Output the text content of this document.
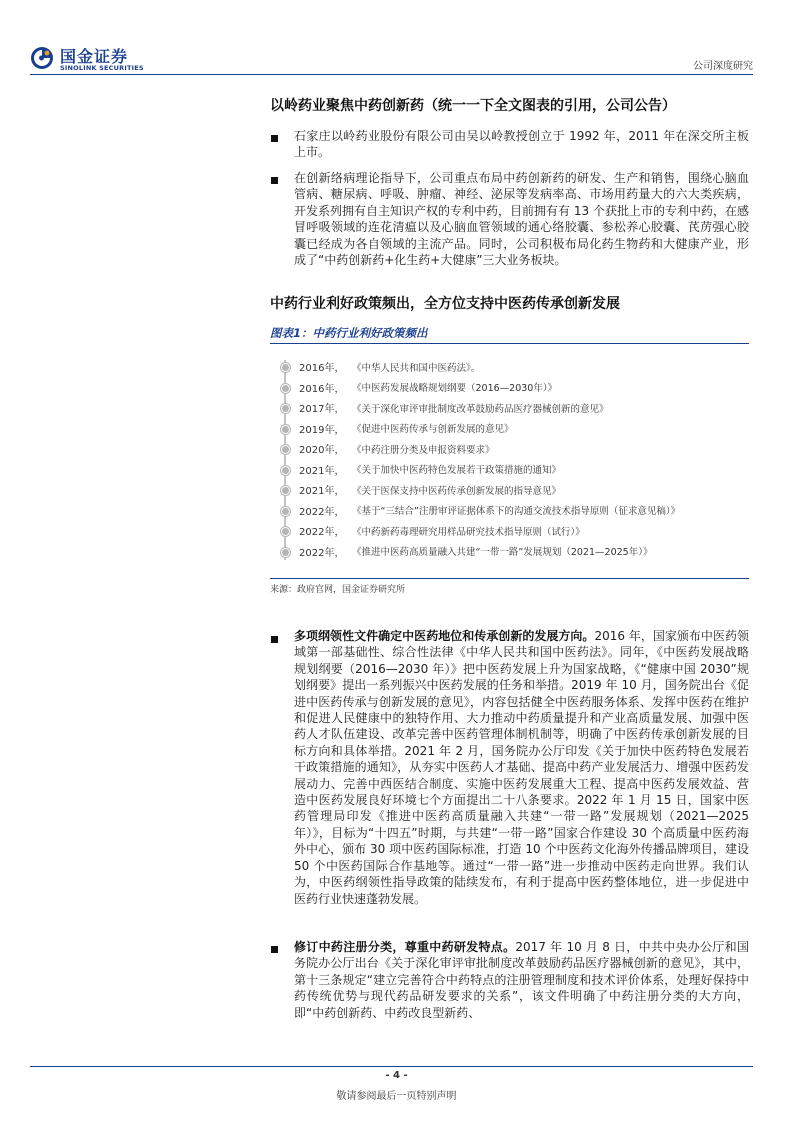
国金证券
SINOLINK SECURITIES	公司深度研究
以岭药业聚焦中药创新药（统一一下全文图表的引用，公司公告）
石家庄以岭药业股份有限公司由吴以岭教授创立于 1992 年，2011 年在深交所主板上市。
在创新络病理论指导下，公司重点布局中药创新药的研发、生产和销售，围绕心脑血管病、糖尿病、呼吸、肿瘤、神经、泌尿等发病率高、市场用药量大的六大类疾病，开发系列拥有自主知识产权的专利中药，目前拥有有 13 个获批上市的专利中药，在感冒呼吸领域的连花清瘟以及心脑血管领域的通心络胶囊、参松养心胶囊、芪苈强心胶囊已经成为各自领域的主流产品。同时，公司积极布局化药生物药和大健康产业，形成了“中药创新药+化生药+大健康”三大业务板块。
中药行业利好政策频出，全方位支持中医药传承创新发展
图表1：中药行业利好政策频出
2016年， 《中华人民共和国中医药法》。
2016年， 《中医药发展战略规划纲要（2016—2030年）》
2017年， 《关于深化审评审批制度改革鼓励药品医疗器械创新的意见》
2019年， 《促进中医药传承与创新发展的意见》
2020年， 《中药注册分类及申报资料要求》
2021年， 《关于加快中医药特色发展若干政策措施的通知》
2021年， 《关于医保支持中医药传承创新发展的指导意见》
2022年， 《基于“三结合”注册审评证据体系下的沟通交流技术指导原则（征求意见稿）》
2022年， 《中药新药毒理研究用样品研究技术指导原则（试行）》
2022年， 《推进中医药高质量融入共建“一带一路”发展规划（2021—2025年）》
来源：政府官网，国金证券研究所
多项纲领性文件确定中医药地位和传承创新的发展方向。2016 年，国家颁布中医药领域第一部基础性、综合性法律《中华人民共和国中医药法》。同年，《中医药发展战略规划纲要（2016—2030 年）》把中医药发展上升为国家战略，《“健康中国 2030”规划纲要》提出一系列振兴中医药发展的任务和举措。2019 年 10 月，国务院出台《促进中医药传承与创新发展的意见》，内容包括健全中医药服务体系、发挥中医药在维护和促进人民健康中的独特作用、大力推动中药质量提升和产业高质量发展、加强中医药人才队伍建设、改革完善中医药管理体制机制等，明确了中医药传承创新发展的目标方向和具体举措。2021 年 2 月，国务院办公厅印发《关于加快中医药特色发展若干政策措施的通知》，从夯实中医药人才基础、提高中药产业发展活力、增强中医药发展动力、完善中西医结合制度、实施中医药发展重大工程、提高中医药发展效益、营造中医药发展良好环境七个方面提出二十八条要求。2022 年 1 月 15 日，国家中医药管理局印发《推进中医药高质量融入共建“一带一路”发展规划（2021—2025 年）》，目标为“十四五”时期，与共建“一带一路”国家合作建设 30 个高质量中医药海外中心，颁布 30 项中医药国际标准，打造 10 个中医药文化海外传播品牌项目，建设 50 个中医药国际合作基地等。通过“一带一路”进一步推动中医药走向世界。我们认为，中医药纲领性指导政策的陆续发布，有利于提高中医药整体地位，进一步促进中医药行业快速蓬勃发展。
修订中药注册分类，尊重中药研发特点。2017 年 10 月 8 日，中共中央办公厅和国务院办公厅出台《关于深化审评审批制度改革鼓励药品医疗器械创新的意见》，其中，第十三条规定“建立完善符合中药特点的注册管理制度和技术评价体系，处理好保持中药传统优势与现代药品研发要求的关系”，该文件明确了中药注册分类的大方向，即“中药创新药、中药改良型新药、
- 4 -
敬请参阅最后一页特别声明
